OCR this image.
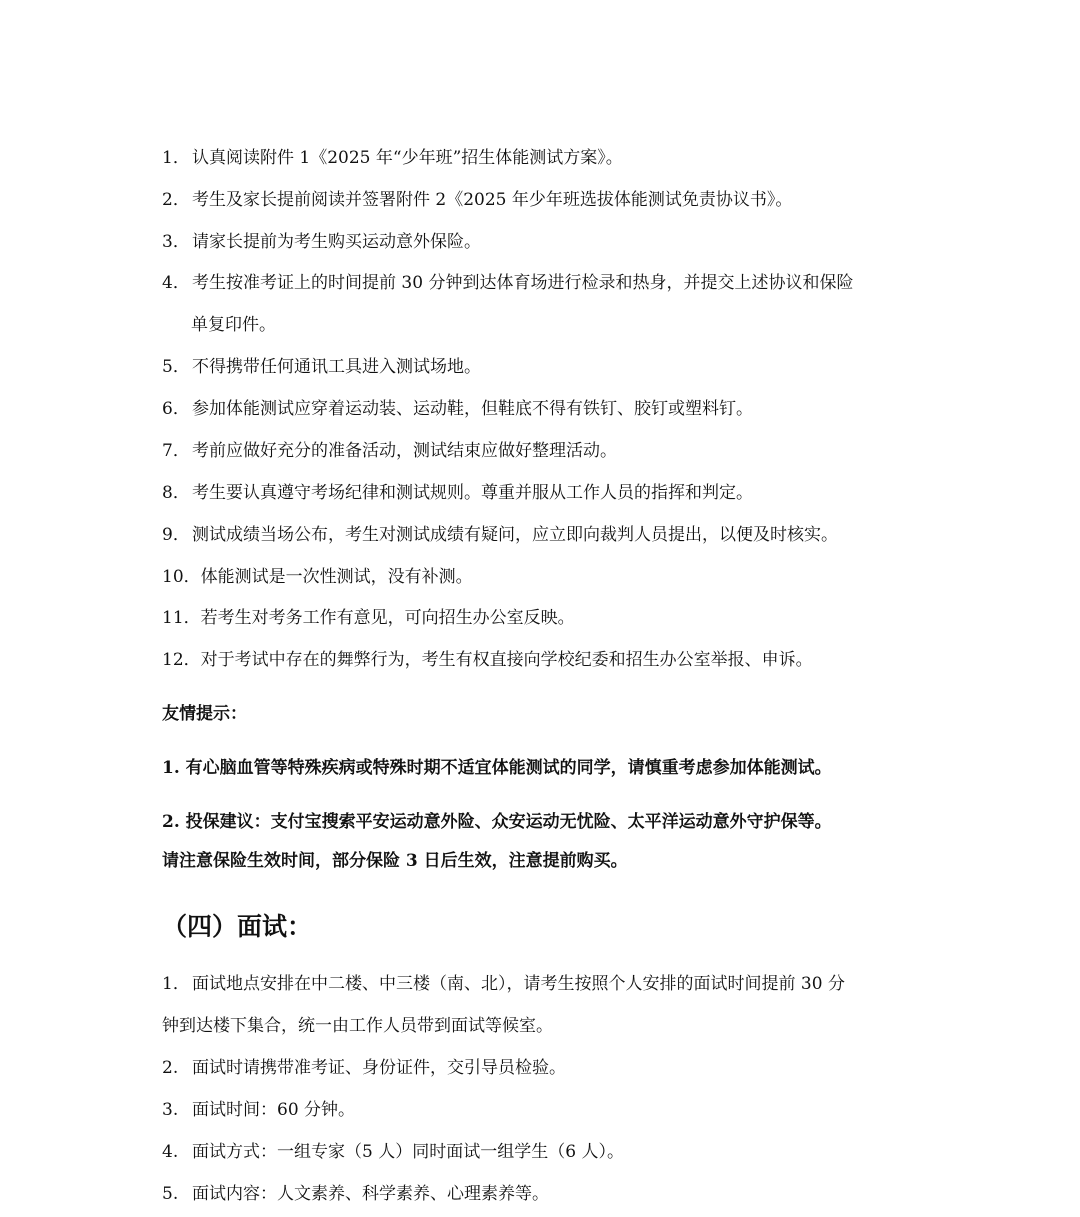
1． 认真阅读附件 1《2025 年“少年班”招生体能测试方案》。
2． 考生及家长提前阅读并签署附件 2《2025 年少年班选拔体能测试免责协议书》。
3． 请家长提前为考生购买运动意外保险。
4． 考生按准考证上的时间提前 30 分钟到达体育场进行检录和热身，并提交上述协议和保险
单复印件。
5． 不得携带任何通讯工具进入测试场地。
6． 参加体能测试应穿着运动装、运动鞋，但鞋底不得有铁钉、胶钉或塑料钉。
7． 考前应做好充分的准备活动，测试结束应做好整理活动。
8． 考生要认真遵守考场纪律和测试规则。尊重并服从工作人员的指挥和判定。
9． 测试成绩当场公布，考生对测试成绩有疑问，应立即向裁判人员提出，以便及时核实。
10．体能测试是一次性测试，没有补测。
11．若考生对考务工作有意见，可向招生办公室反映。
12．对于考试中存在的舞弊行为，考生有权直接向学校纪委和招生办公室举报、申诉。
友情提示：
1. 有心脑血管等特殊疾病或特殊时期不适宜体能测试的同学，请慎重考虑参加体能测试。
2. 投保建议：支付宝搜索平安运动意外险、众安运动无忧险、太平洋运动意外守护保等。
请注意保险生效时间，部分保险 3 日后生效，注意提前购买。
（四）面试：
1． 面试地点安排在中二楼、中三楼（南、北），请考生按照个人安排的面试时间提前 30 分
钟到达楼下集合，统一由工作人员带到面试等候室。
2. 面试时请携带准考证、身份证件，交引导员检验。
3. 面试时间：60 分钟。
4. 面试方式：一组专家（5 人）同时面试一组学生（6 人）。
5. 面试内容：人文素养、科学素养、心理素养等。
